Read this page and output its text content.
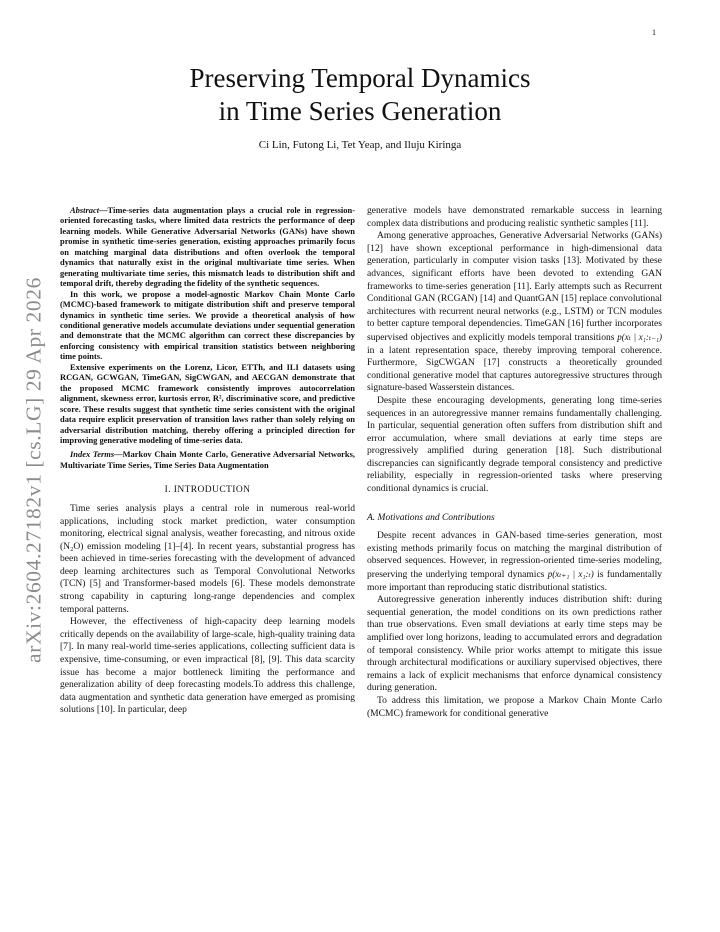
1
arXiv:2604.27182v1 [cs.LG] 29 Apr 2026
Preserving Temporal Dynamics
in Time Series Generation
Ci Lin, Futong Li, Tet Yeap, and Iluju Kiringa

Abstract—Time-series data augmentation plays a crucial role in regression-oriented forecasting tasks, where limited data restricts the performance of deep learning models. While Generative Adversarial Networks (GANs) have shown promise in synthetic time-series generation, existing approaches primarily focus on matching marginal data distributions and often overlook the temporal dynamics that naturally exist in the original multivariate time series. When generating multivariate time series, this mismatch leads to distribution shift and temporal drift, thereby degrading the fidelity of the synthetic sequences.

In this work, we propose a model-agnostic Markov Chain Monte Carlo (MCMC)-based framework to mitigate distribution shift and preserve temporal dynamics in synthetic time series. We provide a theoretical analysis of how conditional generative models accumulate deviations under sequential generation and demonstrate that the MCMC algorithm can correct these discrepancies by enforcing consistency with empirical transition statistics between neighboring time points.

Extensive experiments on the Lorenz, Licor, ETTh, and ILI datasets using RCGAN, GCWGAN, TimeGAN, SigCWGAN, and AECGAN demonstrate that the proposed MCMC framework consistently improves autocorrelation alignment, skewness error, kurtosis error, R², discriminative score, and predictive score. These results suggest that synthetic time series consistent with the original data require explicit preservation of transition laws rather than solely relying on adversarial distribution matching, thereby offering a principled direction for improving generative modeling of time-series data.

Index Terms—Markov Chain Monte Carlo, Generative Adversarial Networks, Multivariate Time Series, Time Series Data Augmentation

I. INTRODUCTION

Time series analysis plays a central role in numerous real-world applications, including stock market prediction, water consumption monitoring, electrical signal analysis, weather forecasting, and nitrous oxide (N₂O) emission modeling [1]–[4]. In recent years, substantial progress has been achieved in time-series forecasting with the development of advanced deep learning architectures such as Temporal Convolutional Networks (TCN) [5] and Transformer-based models [6]. These models demonstrate strong capability in capturing long-range dependencies and complex temporal patterns.

However, the effectiveness of high-capacity deep learning models critically depends on the availability of large-scale, high-quality training data [7]. In many real-world time-series applications, collecting sufficient data is expensive, time-consuming, or even impractical [8], [9]. This data scarcity issue has become a major bottleneck limiting the performance and generalization ability of deep forecasting models.To address this challenge, data augmentation and synthetic data generation have emerged as promising solutions [10]. In particular, deep

generative models have demonstrated remarkable success in learning complex data distributions and producing realistic synthetic samples [11].

Among generative approaches, Generative Adversarial Networks (GANs) [12] have shown exceptional performance in high-dimensional data generation, particularly in computer vision tasks [13]. Motivated by these advances, significant efforts have been devoted to extending GAN frameworks to time-series generation [11]. Early attempts such as Recurrent Conditional GAN (RCGAN) [14] and QuantGAN [15] replace convolutional architectures with recurrent neural networks (e.g., LSTM) or TCN modules to better capture temporal dependencies. TimeGAN [16] further incorporates supervised objectives and explicitly models temporal transitions p(xₜ | x₁:ₜ₋₁) in a latent representation space, thereby improving temporal coherence. Furthermore, SigCWGAN [17] constructs a theoretically grounded conditional generative model that captures autoregressive structures through signature-based Wasserstein distances.

Despite these encouraging developments, generating long time-series sequences in an autoregressive manner remains fundamentally challenging. In particular, sequential generation often suffers from distribution shift and error accumulation, where small deviations at early time steps are progressively amplified during generation [18]. Such distributional discrepancies can significantly degrade temporal consistency and predictive reliability, especially in regression-oriented tasks where preserving conditional dynamics is crucial.

A. Motivations and Contributions

Despite recent advances in GAN-based time-series generation, most existing methods primarily focus on matching the marginal distribution of observed sequences. However, in regression-oriented time-series modeling, preserving the underlying temporal dynamics p(xₜ₊₁ | x₁:ₜ) is fundamentally more important than reproducing static distributional statistics.

Autoregressive generation inherently induces distribution shift: during sequential generation, the model conditions on its own predictions rather than true observations. Even small deviations at early time steps may be amplified over long horizons, leading to accumulated errors and degradation of temporal consistency. While prior works attempt to mitigate this issue through architectural modifications or auxiliary supervised objectives, there remains a lack of explicit mechanisms that enforce dynamical consistency during generation.

To address this limitation, we propose a Markov Chain Monte Carlo (MCMC) framework for conditional generative
